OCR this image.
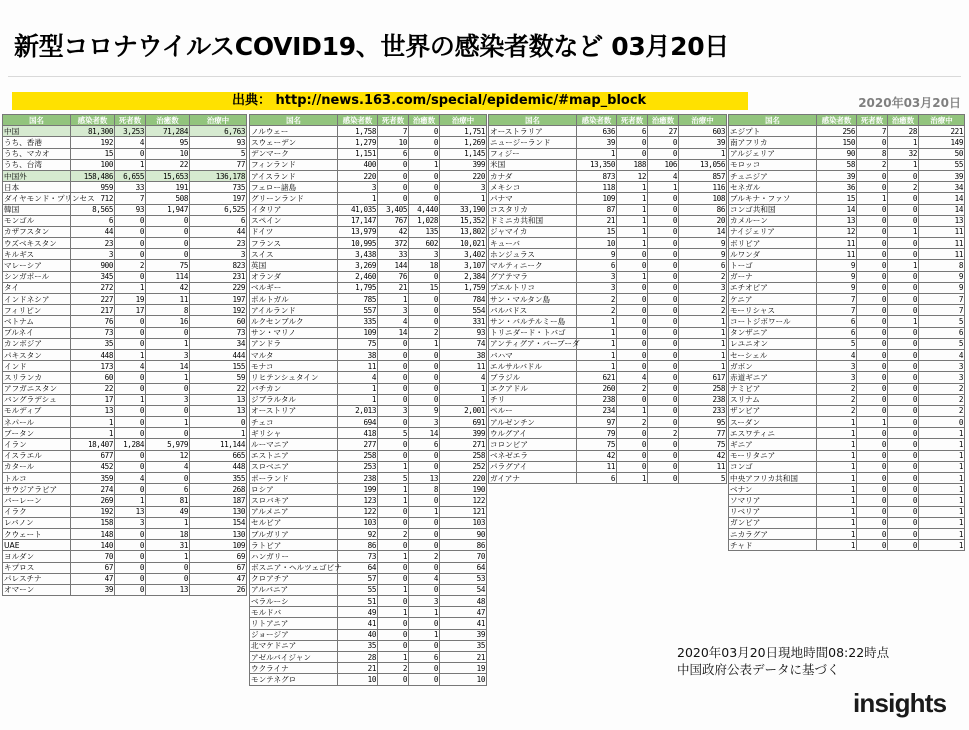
新型コロナウイルスCOVID19、世界の感染者数など 03月20日
出典： http://news.163.com/special/epidemic/#map_block	2020年03月20日
国名	感染者数	死者数	治癒数	治療中
中国	81,300	3,253	71,284	6,763
うち、香港	192	4	95	93
うち、マカオ	15	0	10	5
うち、台湾	100	1	22	77
中国外	158,486	6,655	15,653	136,178
日本	959	33	191	735
ダイヤモンド・プリンセス	712	7	508	197
韓国	8,565	93	1,947	6,525
モンゴル	6	0	0	6
カザフスタン	44	0	0	44
ウズベキスタン	23	0	0	23
キルギス	3	0	0	3
マレーシア	900	2	75	823
シンガポール	345	0	114	231
タイ	272	1	42	229
インドネシア	227	19	11	197
フィリピン	217	17	8	192
ベトナム	76	0	16	60
ブルネイ	73	0	0	73
カンボジア	35	0	1	34
パキスタン	448	1	3	444
インド	173	4	14	155
スリランカ	60	0	1	59
アフガニスタン	22	0	0	22
バングラデシュ	17	1	3	13
モルディブ	13	0	0	13
ネパール	1	0	1	0
ブータン	1	0	0	1
イラン	18,407	1,284	5,979	11,144
イスラエル	677	0	12	665
カタール	452	0	4	448
トルコ	359	4	0	355
サウジアラビア	274	0	6	268
バーレーン	269	1	81	187
イラク	192	13	49	130
レバノン	158	3	1	154
クウェート	148	0	18	130
UAE	140	0	31	109
ヨルダン	70	0	1	69
キプロス	67	0	0	67
パレスチナ	47	0	0	47
オマーン	39	0	13	26
国名	感染者数	死者数	治癒数	治療中
ノルウェー	1,758	7	0	1,751
スウェーデン	1,279	10	0	1,269
デンマーク	1,151	6	0	1,145
フィンランド	400	0	1	399
アイスランド	220	0	0	220
フェロー諸島	3	0	0	3
グリーンランド	1	0	0	1
イタリア	41,035	3,405	4,440	33,190
スペイン	17,147	767	1,028	15,352
ドイツ	13,979	42	135	13,802
フランス	10,995	372	602	10,021
スイス	3,438	33	3	3,402
英国	3,269	144	18	3,107
オランダ	2,460	76	0	2,384
ベルギー	1,795	21	15	1,759
ポルトガル	785	1	0	784
アイルランド	557	3	0	554
ルクセンブルク	335	4	0	331
サン・マリノ	109	14	2	93
アンドラ	75	0	1	74
マルタ	38	0	0	38
モナコ	11	0	0	11
リヒテンシュタイン	4	0	0	4
バチカン	1	0	0	1
ジブラルタル	1	0	0	1
オーストリア	2,013	3	9	2,001
チェコ	694	0	3	691
ギリシャ	418	5	14	399
ルーマニア	277	0	6	271
エストニア	258	0	0	258
スロベニア	253	1	0	252
ポーランド	238	5	13	220
ロシア	199	1	8	190
スロバキア	123	1	0	122
アルメニア	122	0	1	121
セルビア	103	0	0	103
ブルガリア	92	2	0	90
ラトビア	86	0	0	86
ハンガリー	73	1	2	70
ボスニア・ヘルツェゴビナ	64	0	0	64
クロアチア	57	0	4	53
アルバニア	55	1	0	54
ベラルーシ	51	0	3	48
モルドバ	49	1	1	47
リトアニア	41	0	0	41
ジョージア	40	0	1	39
北マケドニア	35	0	0	35
アゼルバイジャン	28	1	6	21
ウクライナ	21	2	0	19
モンテネグロ	10	0	0	10
国名	感染者数	死者数	治癒数	治療中
オーストラリア	636	6	27	603
ニュージーランド	39	0	0	39
フィジー	1	0	0	1
米国	13,350	188	106	13,056
カナダ	873	12	4	857
メキシコ	118	1	1	116
パナマ	109	1	0	108
コスタリカ	87	1	0	86
ドミニカ共和国	21	1	0	20
ジャマイカ	15	1	0	14
キューバ	10	1	0	9
ホンジュラス	9	0	0	9
マルティニーク	6	0	0	6
グアテマラ	3	1	0	2
プエルトリコ	3	0	0	3
サン・マルタン島	2	0	0	2
バルバドス	2	0	0	2
サン・バルテルミー島	1	0	0	1
トリニダード・トバゴ	1	0	0	1
アンティグア・バーブーダ	1	0	0	1
バハマ	1	0	0	1
エルサルバドル	1	0	0	1
ブラジル	621	4	0	617
エクアドル	260	2	0	258
チリ	238	0	0	238
ペルー	234	1	0	233
アルゼンチン	97	2	0	95
ウルグアイ	79	0	2	77
コロンビア	75	0	0	75
ベネゼエラ	42	0	0	42
パラグアイ	11	0	0	11
ガイアナ	6	1	0	5
国名	感染者数	死者数	治癒数	治療中
エジプト	256	7	28	221
南アフリカ	150	0	1	149
アルジェリア	90	8	32	50
モロッコ	58	2	1	55
チュニジア	39	0	0	39
セネガル	36	0	2	34
ブルキナ・ファソ	15	1	0	14
コンゴ共和国	14	0	0	14
カメルーン	13	0	0	13
ナイジェリア	12	0	1	11
ボリビア	11	0	0	11
ルワンダ	11	0	0	11
トーゴ	9	0	1	8
ガーナ	9	0	0	9
エチオピア	9	0	0	9
ケニア	7	0	0	7
モーリシャス	7	0	0	7
コートジボワール	6	0	1	5
タンザニア	6	0	0	6
レユニオン	5	0	0	5
セーシェル	4	0	0	4
ガボン	3	0	0	3
赤道ギニア	3	0	0	3
ナミビア	2	0	0	2
スリナム	2	0	0	2
ザンビア	2	0	0	2
スーダン	1	1	0	0
エスワティニ	1	0	0	1
ギニア	1	0	0	1
モーリタニア	1	0	0	1
コンゴ	1	0	0	1
中央アフリカ共和国	1	0	0	1
ベナン	1	0	0	1
ソマリア	1	0	0	1
リベリア	1	0	0	1
ガンビア	1	0	0	1
ニカラグア	1	0	0	1
チャド	1	0	0	1
2020年03月20日現地時間08:22時点
中国政府公表データに基づく
insights
